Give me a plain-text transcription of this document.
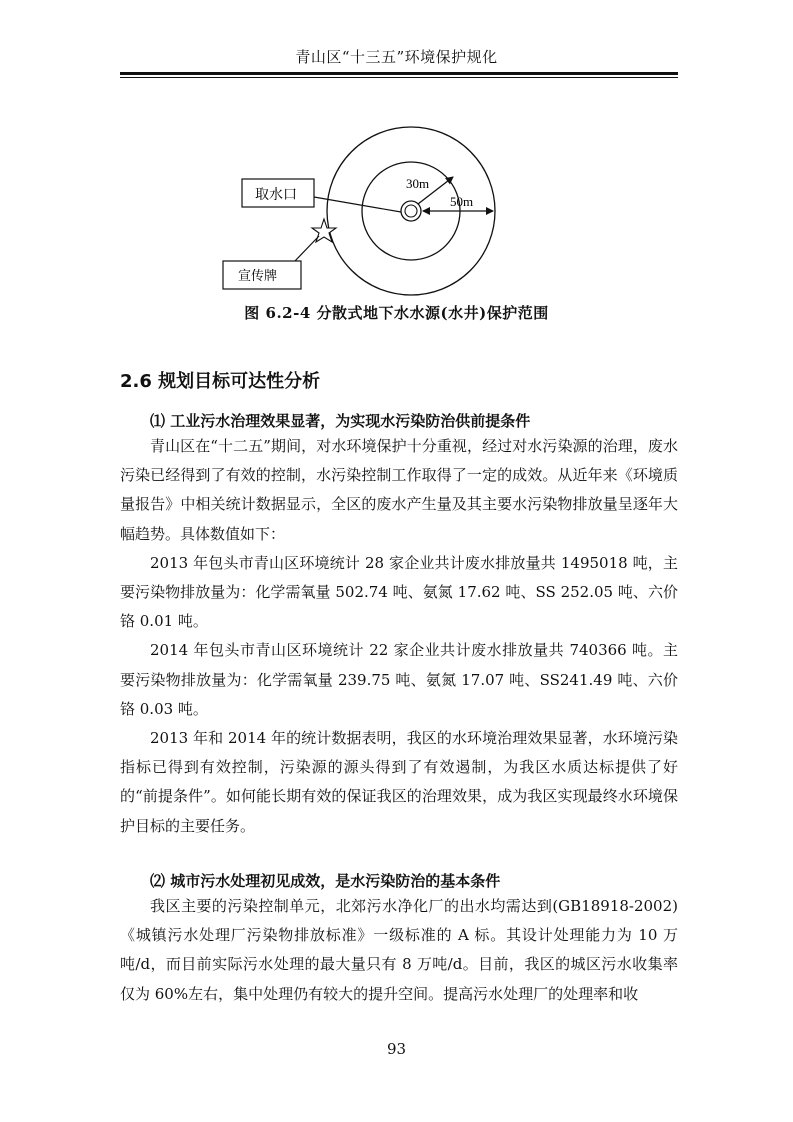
青山区“十三五”环境保护规化
30m
50m
取水口
宣传牌
图 6.2-4 分散式地下水水源(水井)保护范围
2.6 规划目标可达性分析
⑴ 工业污水治理效果显著，为实现水污染防治供前提条件

青山区在“十二五”期间，对水环境保护十分重视，经过对水污染源的治理，废水污染已经得到了有效的控制，水污染控制工作取得了一定的成效。从近年来《环境质量报告》中相关统计数据显示，全区的废水产生量及其主要水污染物排放量呈逐年大幅趋势。具体数值如下：

2013 年包头市青山区环境统计 28 家企业共计废水排放量共 1495018 吨，主要污染物排放量为：化学需氧量 502.74 吨、氨氮 17.62 吨、SS 252.05 吨、六价铬 0.01 吨。

2014 年包头市青山区环境统计 22 家企业共计废水排放量共 740366 吨。主要污染物排放量为：化学需氧量 239.75 吨、氨氮 17.07 吨、SS241.49 吨、六价铬 0.03 吨。

2013 年和 2014 年的统计数据表明，我区的水环境治理效果显著，水环境污染指标已得到有效控制，污染源的源头得到了有效遏制，为我区水质达标提供了好的“前提条件”。如何能长期有效的保证我区的治理效果，成为我区实现最终水环境保护目标的主要任务。

⑵ 城市污水处理初见成效，是水污染防治的基本条件

我区主要的污染控制单元，北郊污水净化厂的出水均需达到(GB18918-2002)《城镇污水处理厂污染物排放标准》一级标准的 A 标。其设计处理能力为 10 万吨/d，而目前实际污水处理的最大量只有 8 万吨/d。目前，我区的城区污水收集率仅为 60%左右，集中处理仍有较大的提升空间。提高污水处理厂的处理率和收

93
